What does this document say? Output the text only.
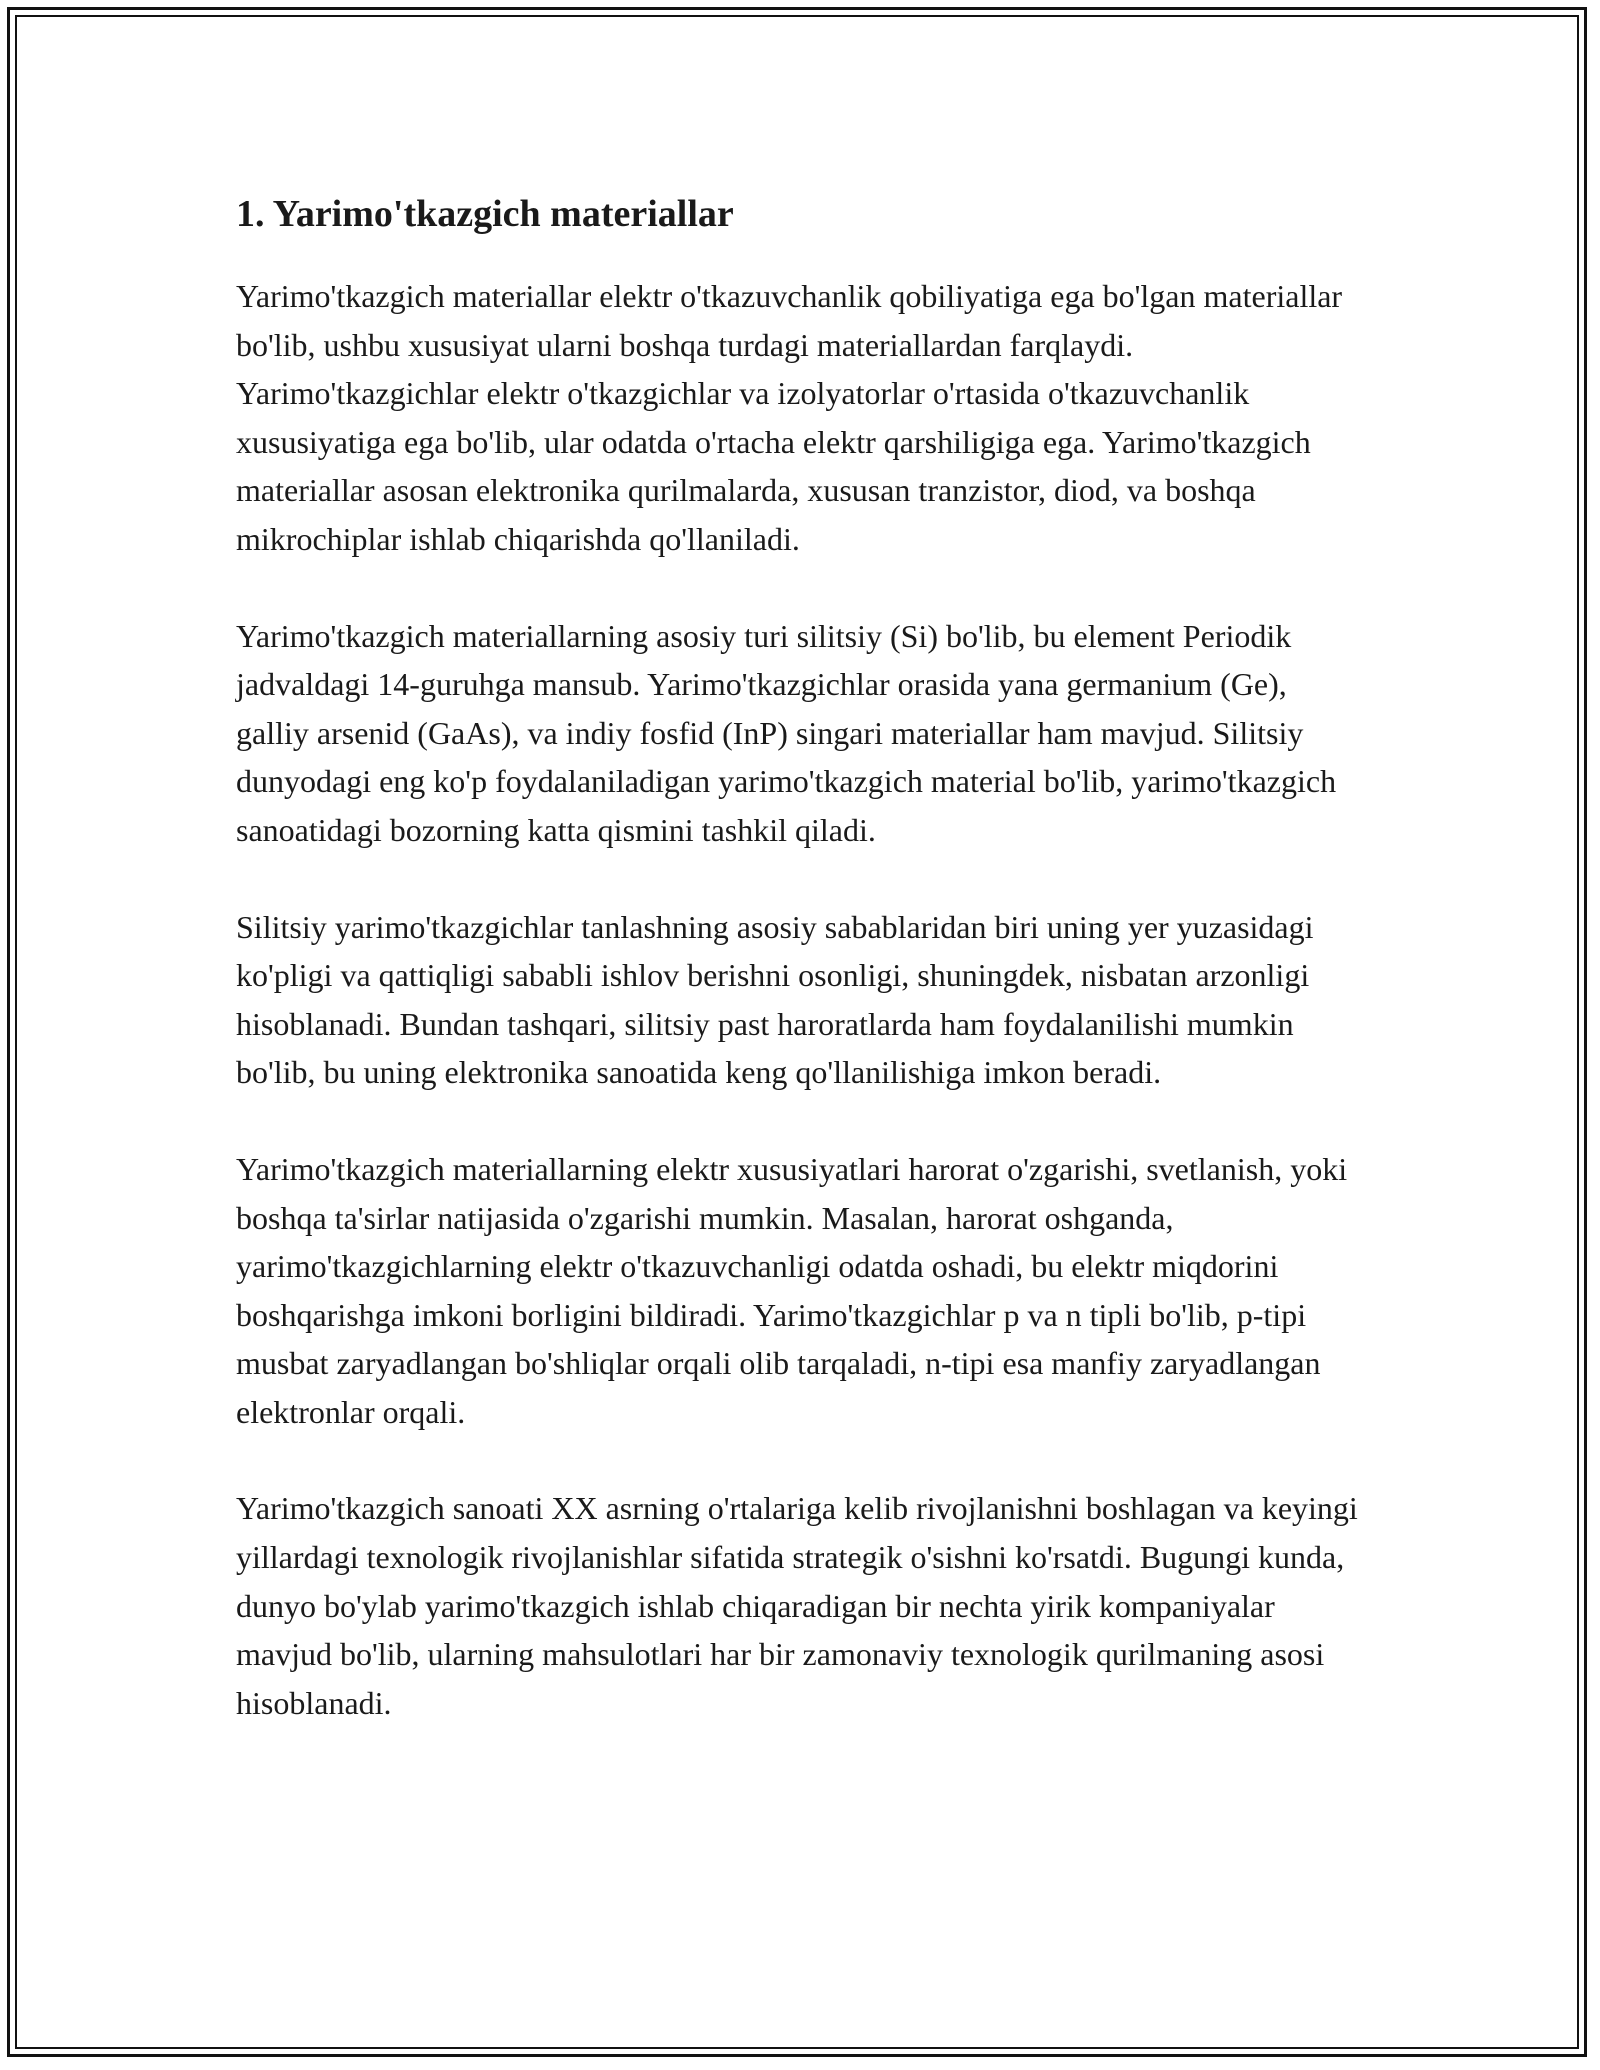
1. Yarimo'tkazgich materiallar

Yarimo'tkazgich materiallar elektr o'tkazuvchanlik qobiliyatiga ega bo'lgan materiallar bo'lib, ushbu xususiyat ularni boshqa turdagi materiallardan farqlaydi. Yarimo'tkazgichlar elektr o'tkazgichlar va izolyatorlar o'rtasida o'tkazuvchanlik xususiyatiga ega bo'lib, ular odatda o'rtacha elektr qarshiligiga ega. Yarimo'tkazgich materiallar asosan elektronika qurilmalarda, xususan tranzistor, diod, va boshqa mikrochiplar ishlab chiqarishda qo'llaniladi.

Yarimo'tkazgich materiallarning asosiy turi silitsiy (Si) bo'lib, bu element Periodik jadvaldagi 14-guruhga mansub. Yarimo'tkazgichlar orasida yana germanium (Ge), galliy arsenid (GaAs), va indiy fosfid (InP) singari materiallar ham mavjud. Silitsiy dunyodagi eng ko'p foydalaniladigan yarimo'tkazgich material bo'lib, yarimo'tkazgich sanoatidagi bozorning katta qismini tashkil qiladi.

Silitsiy yarimo'tkazgichlar tanlashning asosiy sabablaridan biri uning yer yuzasidagi ko'pligi va qattiqligi sababli ishlov berishni osonligi, shuningdek, nisbatan arzonligi hisoblanadi. Bundan tashqari, silitsiy past haroratlarda ham foydalanilishi mumkin bo'lib, bu uning elektronika sanoatida keng qo'llanilishiga imkon beradi.

Yarimo'tkazgich materiallarning elektr xususiyatlari harorat o'zgarishi, svetlanish, yoki boshqa ta'sirlar natijasida o'zgarishi mumkin. Masalan, harorat oshganda, yarimo'tkazgichlarning elektr o'tkazuvchanligi odatda oshadi, bu elektr miqdorini boshqarishga imkoni borligini bildiradi. Yarimo'tkazgichlar p va n tipli bo'lib, p-tipi musbat zaryadlangan bo'shliqlar orqali olib tarqaladi, n-tipi esa manfiy zaryadlangan elektronlar orqali.

Yarimo'tkazgich sanoati XX asrning o'rtalariga kelib rivojlanishni boshlagan va keyingi yillardagi texnologik rivojlanishlar sifatida strategik o'sishni ko'rsatdi. Bugungi kunda, dunyo bo'ylab yarimo'tkazgich ishlab chiqaradigan bir nechta yirik kompaniyalar mavjud bo'lib, ularning mahsulotlari har bir zamonaviy texnologik qurilmaning asosi hisoblanadi.
